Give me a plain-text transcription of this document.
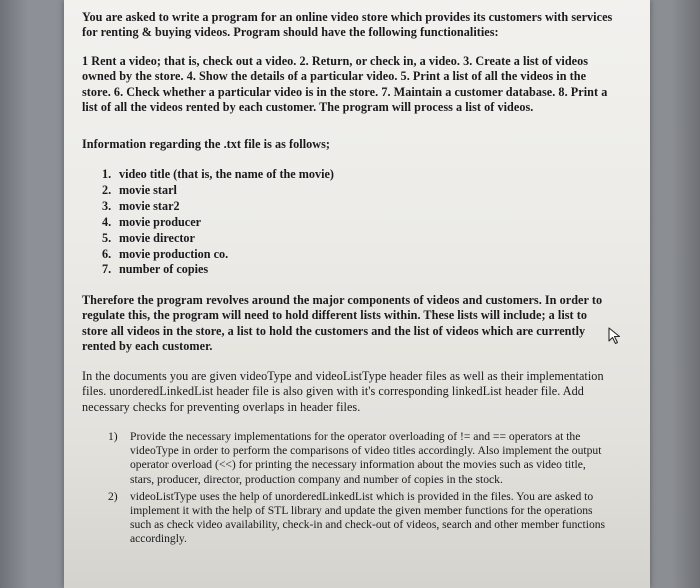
You are asked to write a program for an online video store which provides its customers with services for renting & buying videos. Program should have the following functionalities:

1 Rent a video; that is, check out a video. 2. Return, or check in, a video. 3. Create a list of videos owned by the store. 4. Show the details of a particular video. 5. Print a list of all the videos in the store. 6. Check whether a particular video is in the store. 7. Maintain a customer database. 8. Print a list of all the videos rented by each customer. The program will process a list of videos.

Information regarding the .txt file is as follows;

1. video title (that is, the name of the movie)
2. movie starl
3. movie star2
4. movie producer
5. movie director
6. movie production co.
7. number of copies

Therefore the program revolves around the major components of videos and customers. In order to regulate this, the program will need to hold different lists within. These lists will include; a list to store all videos in the store, a list to hold the customers and the list of videos which are currently rented by each customer.

In the documents you are given videoType and videoListType header files as well as their implementation files. unorderedLinkedList header file is also given with it's corresponding linkedList header file. Add necessary checks for preventing overlaps in header files.

1)	Provide the necessary implementations for the operator overloading of != and == operators at the videoType in order to perform the comparisons of video titles accordingly. Also implement the output operator overload (<<) for printing the necessary information about the movies such as video title, stars, producer, director, production company and number of copies in the stock.
2)	videoListType uses the help of unorderedLinkedList which is provided in the files. You are asked to implement it with the help of STL library and update the given member functions for the operations such as check video availability, check-in and check-out of videos, search and other member functions accordingly.
